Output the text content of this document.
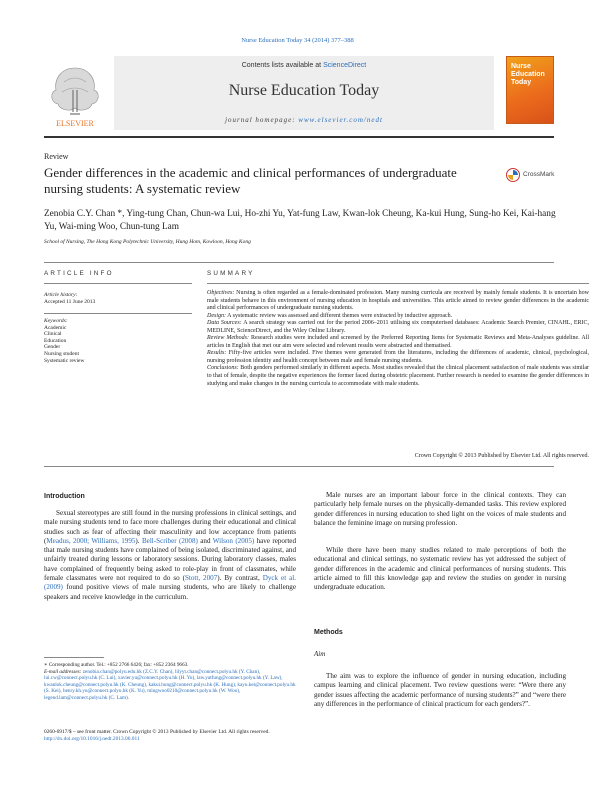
Nurse Education Today 34 (2014) 377–388
ELSEVIER
Contents lists available at ScienceDirect
Nurse Education Today
journal homepage: www.elsevier.com/nedt
Nurse Education Today
Review
Gender differences in the academic and clinical performances of undergraduate nursing students: A systematic review
CrossMark
Zenobia C.Y. Chan *, Ying-tung Chan, Chun-wa Lui, Ho-zhi Yu, Yat-fung Law, Kwan-lok Cheung, Ka-kui Hung, Sung-ho Kei, Kai-hang Yu, Wai-ming Woo, Chun-tung Lam
School of Nursing, The Hong Kong Polytechnic University, Hung Hom, Kowloon, Hong Kong
ARTICLE INFO
Article history:
Accepted 11 June 2013
Keywords:
Academic
Clinical
Education
Gender
Nursing student
Systematic review
SUMMARY

Objectives: Nursing is often regarded as a female-dominated profession. Many nursing curricula are received by mainly female students. It is uncertain how male students behave in this environment of nursing education in hospitals and universities. This article aimed to review gender differences in the academic and clinical performances of undergraduate nursing students.

Design: A systematic review was assessed and different themes were extracted by inductive approach.

Data Sources: A search strategy was carried out for the period 2006–2011 utilising six computerised databases: Academic Search Premier, CINAHL, ERIC, MEDLINE, ScienceDirect, and the Wiley Online Library.

Review Methods: Research studies were included and screened by the Preferred Reporting Items for Systematic Reviews and Meta-Analyses guideline. All articles in English that met our aim were selected and relevant results were abstracted and thematised.

Results: Fifty-five articles were included. Five themes were generated from the literatures, including the differences of academic, clinical, psychological, nursing profession identity and health concept between male and female nursing students.

Conclusions: Both genders performed similarly in different aspects. Most studies revealed that the clinical placement satisfaction of male students was similar to that of female, despite the negative experiences the former faced during obstetric placement. Further research is needed to examine the gender differences in studying and make changes in the nursing curricula to accommodate with male students.

Crown Copyright © 2013 Published by Elsevier Ltd. All rights reserved.
Introduction
Sexual stereotypes are still found in the nursing professions in clinical settings, and male nursing students tend to face more challenges during their educational and clinical studies such as fear of affecting their masculinity and low acceptance from patients (Meadus, 2000; Williams, 1995). Bell-Scriber (2008) and Wilson (2005) have reported that male nursing students have complained of being isolated, discriminated against, and unfairly treated during lessons or laboratory sessions. During laboratory classes, males have complained of frequently being asked to role-play in front of classmates, while female classmates were not required to do so (Stott, 2007). By contrast, Dyck et al. (2009) found positive views of male nursing students, who are likely to challenge speakers and receive knowledge in the curriculum.
∗ Corresponding author. Tel.: +852 2766 6426; fax: +852 2364 9663.
E-mail addresses: zenobia.chan@polyu.edu.hk (Z.C.Y. Chan), lilyyt.chan@connect.polyu.hk (Y. Chan), lui.cw@connect.polyu.hk (C. Lui), xavier.yu@connect.polyu.hk (H. Yu), law.yatfung@connect.polyu.hk (Y. Law), kwanlok.cheung@connect.polyu.hk (K. Cheung), kakui.hung@connect.polyu.hk (K. Hung), kayu.kei@connect.polyu.hk (S. Kei), henry.kh.yu@connect.polyu.hk (K. Yu), mingwoo0210@connect.polyu.hk (W. Woo), legend.lam@connect.polyu.hk (C. Lam).
Male nurses are an important labour force in the clinical contexts. They can particularly help female nurses on the physically-demanded tasks. This review explored gender differences in nursing education to shed light on the voices of male students and balance the feminine image on nursing profession.
While there have been many studies related to male perceptions of both the educational and clinical settings, no systematic review has yet addressed the subject of gender differences in the academic and clinical performances of nursing students. This article aimed to fill this knowledge gap and review the studies on gender in nursing undergraduate education.
Methods
Aim
The aim was to explore the influence of gender in nursing education, including campus learning and clinical placement. Two review questions were: “Were there any gender issues affecting the academic performance of nursing students?” and “were there any differences in the performance of clinical practicum for each genders?”.
0260-6917/$ – see front matter. Crown Copyright © 2013 Published by Elsevier Ltd. All rights reserved.
http://dx.doi.org/10.1016/j.nedt.2013.06.011
